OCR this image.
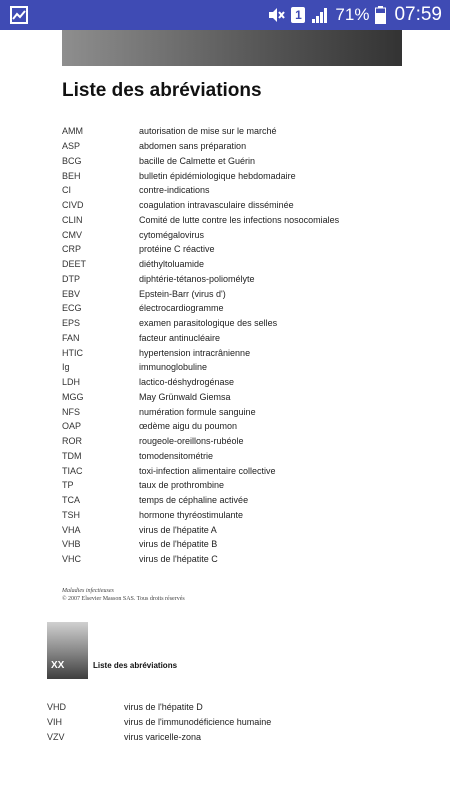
1 71% 07:59
Liste des abréviations
AMM	autorisation de mise sur le marché
ASP	abdomen sans préparation
BCG	bacille de Calmette et Guérin
BEH	bulletin épidémiologique hebdomadaire
CI	contre-indications
CIVD	coagulation intravasculaire disséminée
CLIN	Comité de lutte contre les infections nosocomiales
CMV	cytomégalovirus
CRP	protéine C réactive
DEET	diéthyltoluamide
DTP	diphtérie-tétanos-poliomélyte
EBV	Epstein-Barr (virus d')
ECG	électrocardiogramme
EPS	examen parasitologique des selles
FAN	facteur antinucléaire
HTIC	hypertension intracrânienne
Ig	immunoglobuline
LDH	lactico-déshydrogénase
MGG	May Grünwald Giemsa
NFS	numération formule sanguine
OAP	œdème aigu du poumon
ROR	rougeole-oreillons-rubéole
TDM	tomodensitométrie
TIAC	toxi-infection alimentaire collective
TP	taux de prothrombine
TCA	temps de céphaline activée
TSH	hormone thyréostimulante
VHA	virus de l'hépatite A
VHB	virus de l'hépatite B
VHC	virus de l'hépatite C
Maladies infectieuses
© 2007 Elsevier Masson SAS. Tous droits réservés
XX	Liste des abréviations
VHD	virus de l'hépatite D
VIH	virus de l'immunodéficience humaine
VZV	virus varicelle-zona
